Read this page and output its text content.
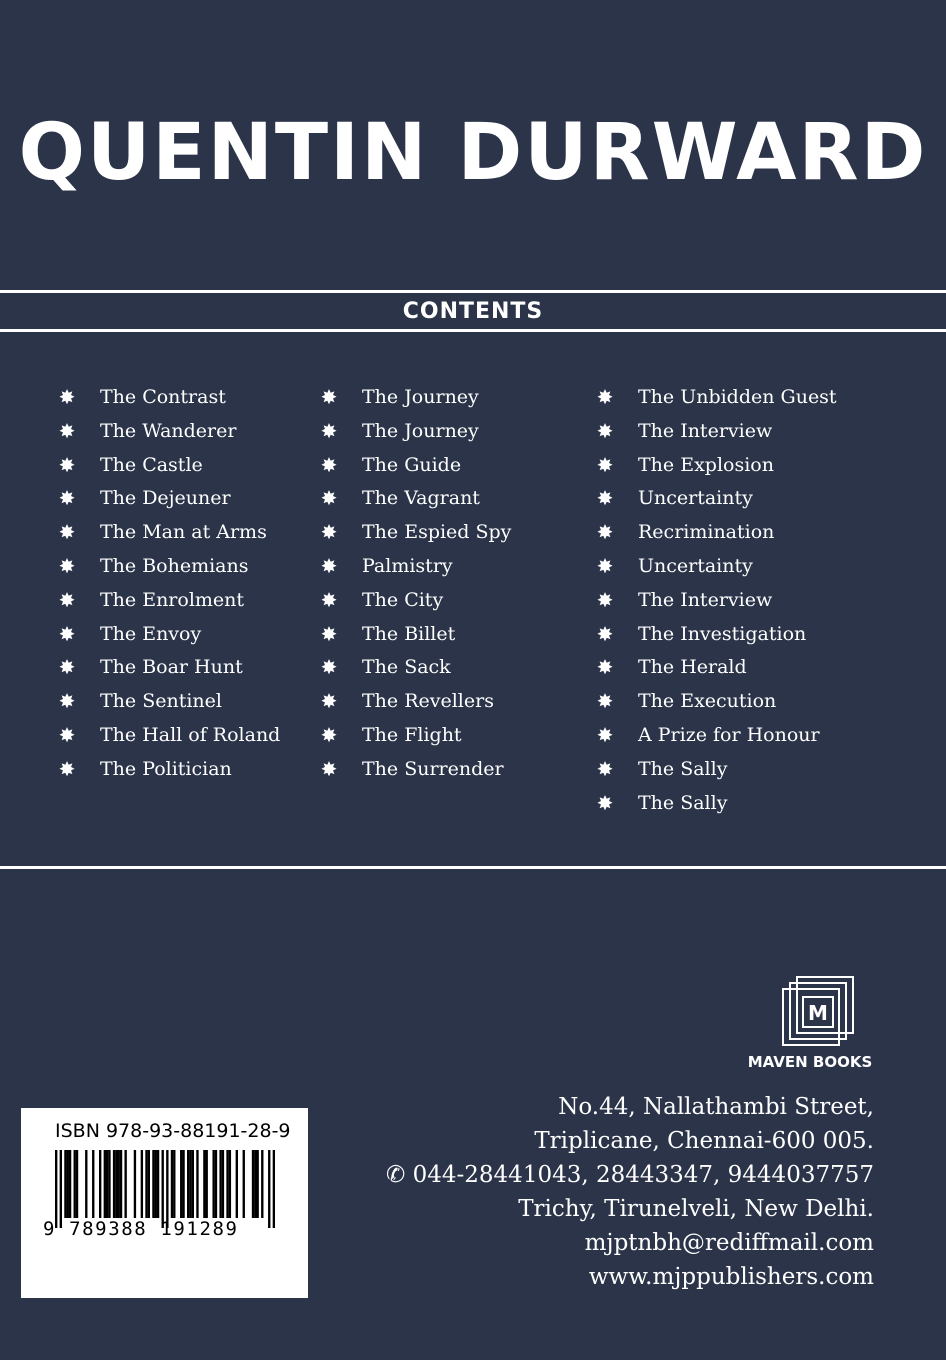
QUENTIN DURWARD
CONTENTS
✸ The Contrast
✸ The Wanderer
✸ The Castle
✸ The Dejeuner
✸ The Man at Arms
✸ The Bohemians
✸ The Enrolment
✸ The Envoy
✸ The Boar Hunt
✸ The Sentinel
✸ The Hall of Roland
✸ The Politician
✸ The Journey
✸ The Journey
✸ The Guide
✸ The Vagrant
✸ The Espied Spy
✸ Palmistry
✸ The City
✸ The Billet
✸ The Sack
✸ The Revellers
✸ The Flight
✸ The Surrender
✸ The Unbidden Guest
✸ The Interview
✸ The Explosion
✸ Uncertainty
✸ Recrimination
✸ Uncertainty
✸ The Interview
✸ The Investigation
✸ The Herald
✸ The Execution
✸ A Prize for Honour
✸ The Sally
✸ The Sally
M
MAVEN BOOKS
No.44, Nallathambi Street,
Triplicane, Chennai-600 005.
✆ 044-28441043, 28443347, 9444037757
Trichy, Tirunelveli, New Delhi.
mjptnbh@rediffmail.com
www.mjppublishers.com
ISBN 978-93-88191-28-9
9 789388 191289
